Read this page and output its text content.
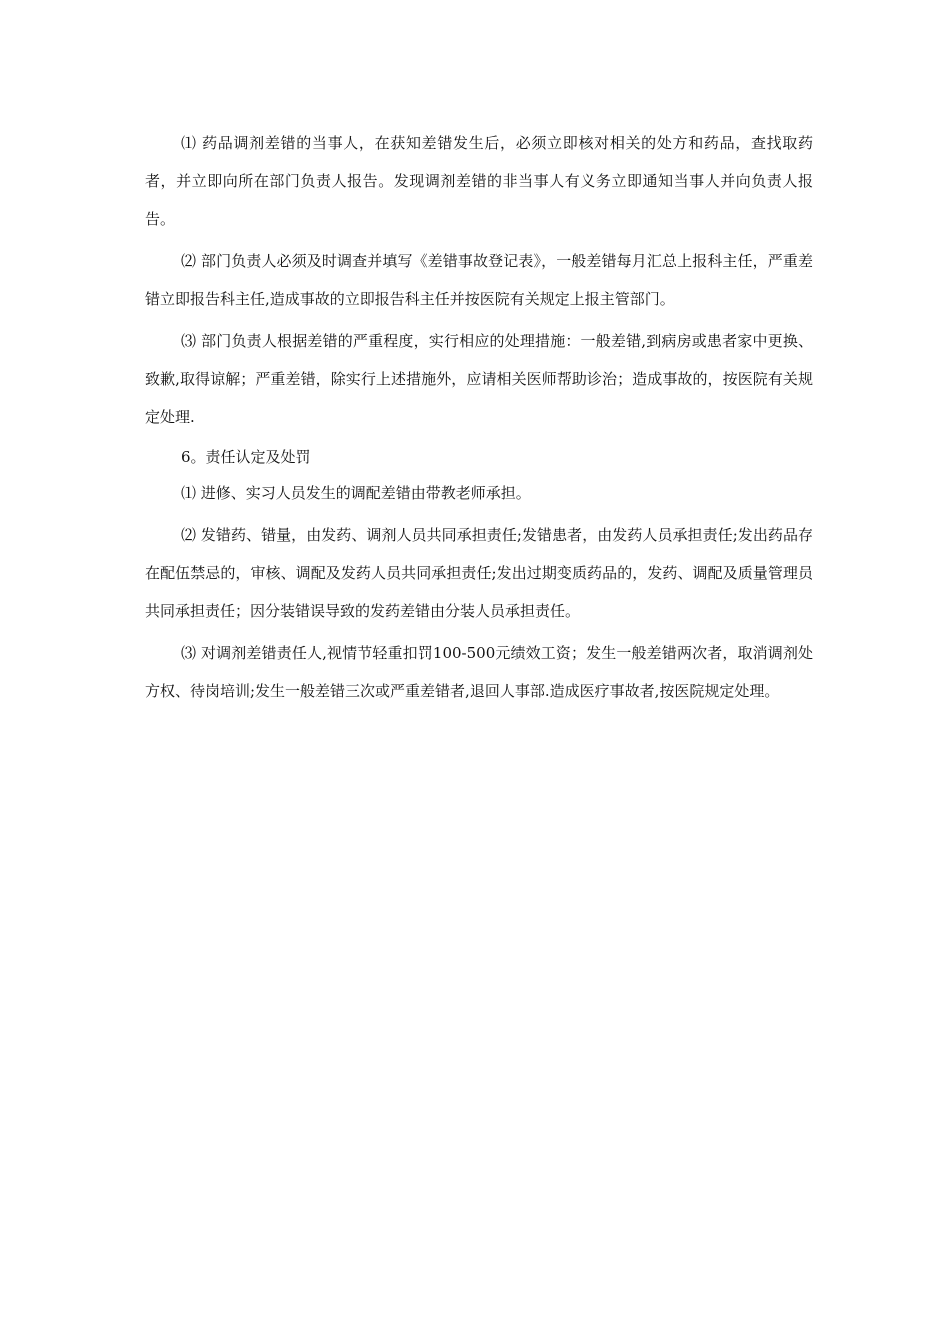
⑴ 药品调剂差错的当事人，在获知差错发生后，必须立即核对相关的处方和药品，查找取药者，并立即向所在部门负责人报告。发现调剂差错的非当事人有义务立即通知当事人并向负责人报告。

⑵ 部门负责人必须及时调查并填写《差错事故登记表》，一般差错每月汇总上报科主任，严重差错立即报告科主任,造成事故的立即报告科主任并按医院有关规定上报主管部门。

⑶ 部门负责人根据差错的严重程度，实行相应的处理措施：一般差错,到病房或患者家中更换、致歉,取得谅解；严重差错，除实行上述措施外，应请相关医师帮助诊治；造成事故的，按医院有关规定处理.

6。责任认定及处罚

⑴ 进修、实习人员发生的调配差错由带教老师承担。

⑵ 发错药、错量，由发药、调剂人员共同承担责任;发错患者，由发药人员承担责任;发出药品存在配伍禁忌的，审核、调配及发药人员共同承担责任;发出过期变质药品的，发药、调配及质量管理员共同承担责任；因分装错误导致的发药差错由分装人员承担责任。

⑶ 对调剂差错责任人,视情节轻重扣罚100-500元绩效工资；发生一般差错两次者，取消调剂处方权、待岗培训;发生一般差错三次或严重差错者,退回人事部.造成医疗事故者,按医院规定处理。
